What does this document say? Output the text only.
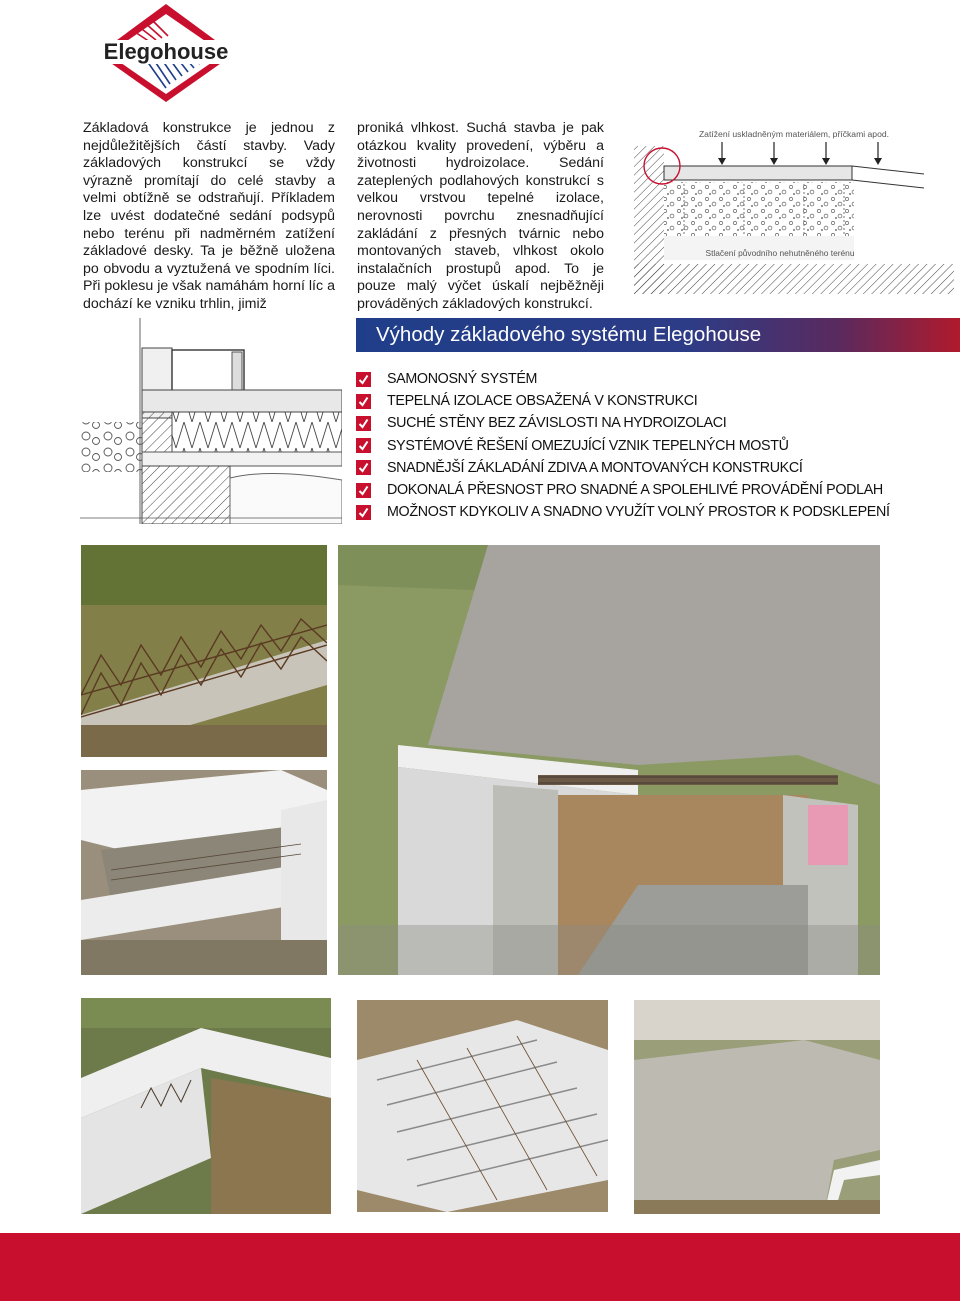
Elegohouse

Základová konstrukce je jednou z nejdůležitějších částí stavby. Vady základových konstrukcí se vždy výrazně promítají do celé stavby a velmi obtížně se odstraňují. Příkladem lze uvést dodatečné sedání podsypů nebo terénu při nadměrném zatížení základové desky. Ta je běžně uložena po obvodu a vyztužená ve spodním líci. Při poklesu je však namáhám horní líc a dochází ke vzniku trhlin, jimiž

proniká vlhkost. Suchá stavba je pak otázkou kvality provedení, výběru a životnosti hydroizolace. Sedání zateplených podlahových konstrukcí s velkou vrstvou tepelné izolace, nerovnosti povrchu znesnadňující zakládání z přesných tvárnic nebo montovaných staveb, vlhkost okolo instalačních prostupů apod. To je pouze malý výčet úskalí nejběžněji prováděných základových konstrukcí.

Zatížení uskladněným materiálem, příčkami apod.
Stlačení původního nehutněného terénu
Výhody základového systému Elegohouse
SAMONOSNÝ SYSTÉM
TEPELNÁ IZOLACE OBSAŽENÁ V KONSTRUKCI
SUCHÉ STĚNY BEZ ZÁVISLOSTI NA HYDROIZOLACI
SYSTÉMOVÉ ŘEŠENÍ OMEZUJÍCÍ VZNIK TEPELNÝCH MOSTŮ
SNADNĚJŠÍ ZÁKLADÁNÍ ZDIVA A MONTOVANÝCH KONSTRUKCÍ
DOKONALÁ PŘESNOST PRO SNADNÉ A SPOLEHLIVÉ PROVÁDĚNÍ PODLAH
MOŽNOST KDYKOLIV A SNADNO VYUŽÍT VOLNÝ PROSTOR K PODSKLEPENÍ
